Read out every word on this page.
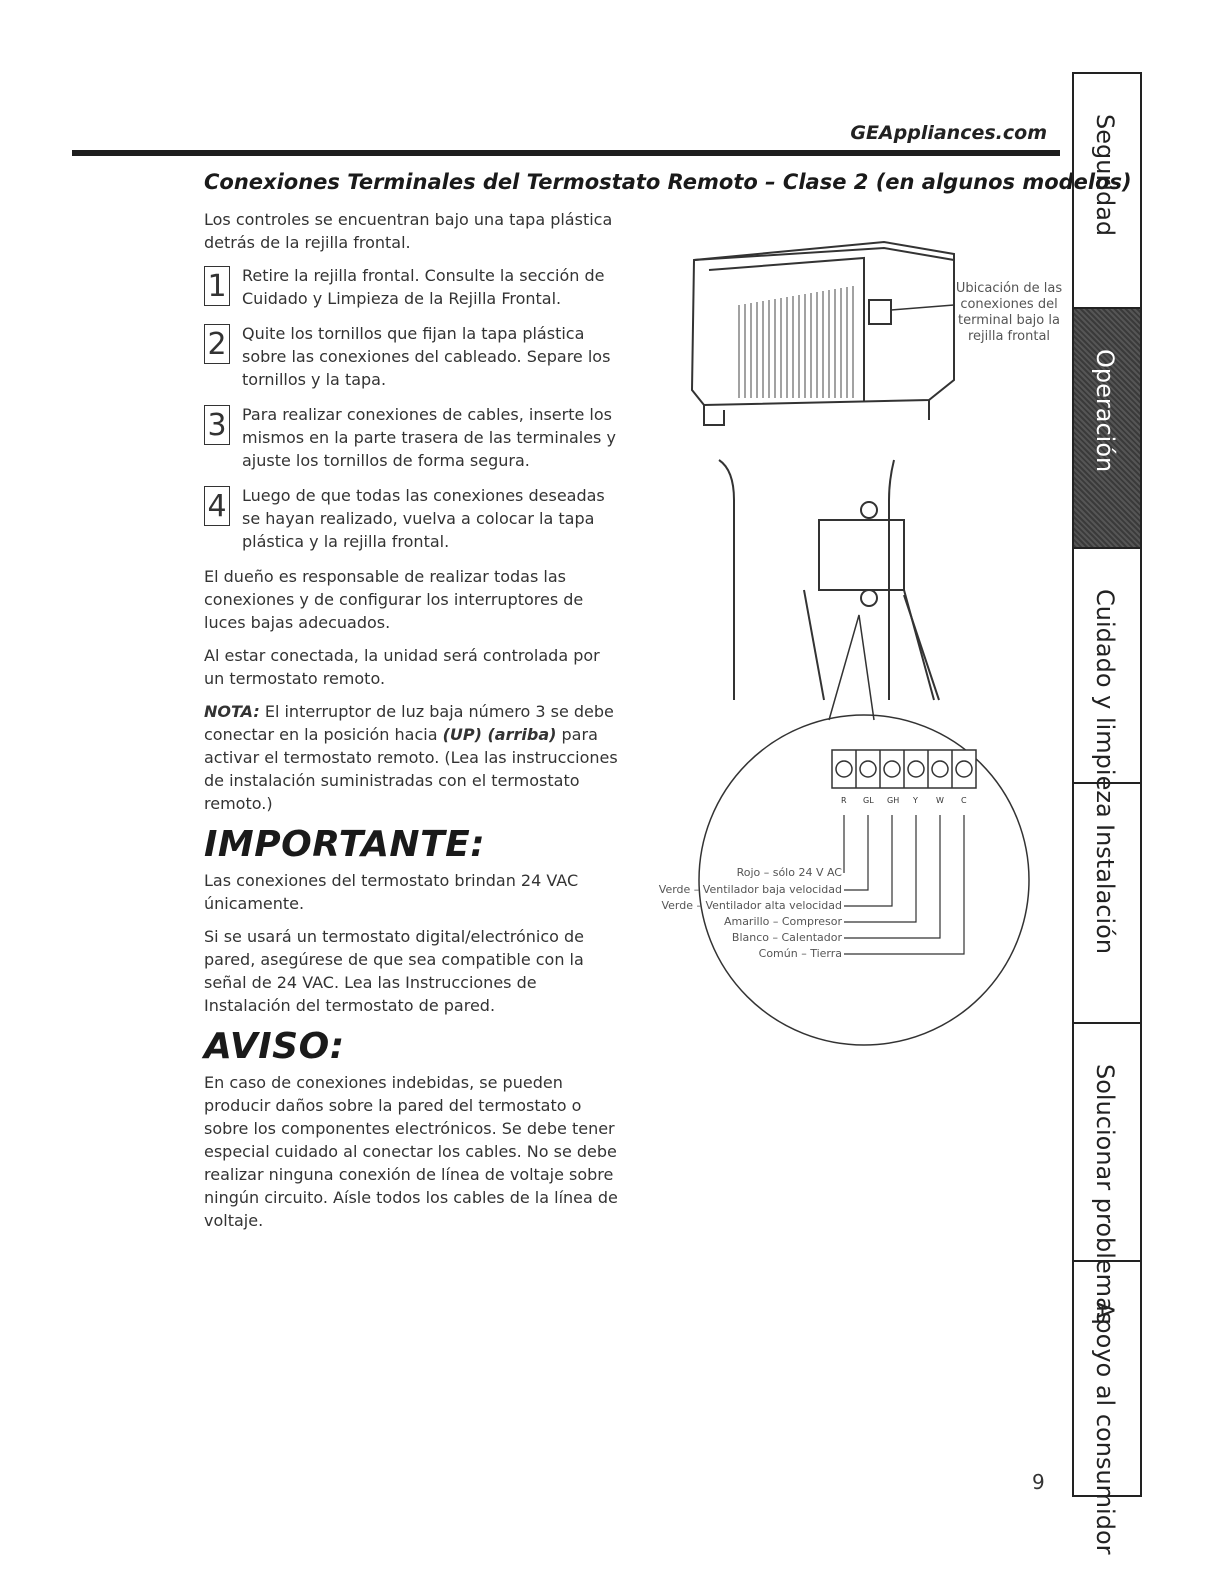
GEAppliances.com
Conexiones Terminales del Termostato Remoto – Clase 2 (en algunos modelos)

Los controles se encuentran bajo una tapa plástica detrás de la rejilla frontal.

1 Retire la rejilla frontal. Consulte la sección de Cuidado y Limpieza de la Rejilla Frontal.
2 Quite los tornillos que fijan la tapa plástica sobre las conexiones del cableado. Separe los tornillos y la tapa.
3 Para realizar conexiones de cables, inserte los mismos en la parte trasera de las terminales y ajuste los tornillos de forma segura.
4 Luego de que todas las conexiones deseadas se hayan realizado, vuelva a colocar la tapa plástica y la rejilla frontal.

El dueño es responsable de realizar todas las conexiones y de configurar los interruptores de luces bajas adecuados.

Al estar conectada, la unidad será controlada por un termostato remoto.

NOTA: El interruptor de luz baja número 3 se debe conectar en la posición hacia (UP) (arriba) para activar el termostato remoto. (Lea las instrucciones de instalación suministradas con el termostato remoto.)

IMPORTANTE:

Las conexiones del termostato brindan 24 VAC únicamente.

Si se usará un termostato digital/electrónico de pared, asegúrese de que sea compatible con la señal de 24 VAC. Lea las Instrucciones de Instalación del termostato de pared.

AVISO:

En caso de conexiones indebidas, se pueden producir daños sobre la pared del termostato o sobre los componentes electrónicos. Se debe tener especial cuidado al conectar los cables. No se debe realizar ninguna conexión de línea de voltaje sobre ningún circuito. Aísle todos los cables de la línea de voltaje.

Ubicación de las conexiones del terminal bajo la rejilla frontal
R GL GH Y W C
Rojo – sólo 24 V AC
Verde – Ventilador baja velocidad
Verde – Ventilador alta velocidad
Amarillo – Compresor
Blanco – Calentador
Común – Tierra
Seguridad
Operación
Cuidado y limpieza
Instalación
Solucionar problemas
Apoyo al consumidor
9
